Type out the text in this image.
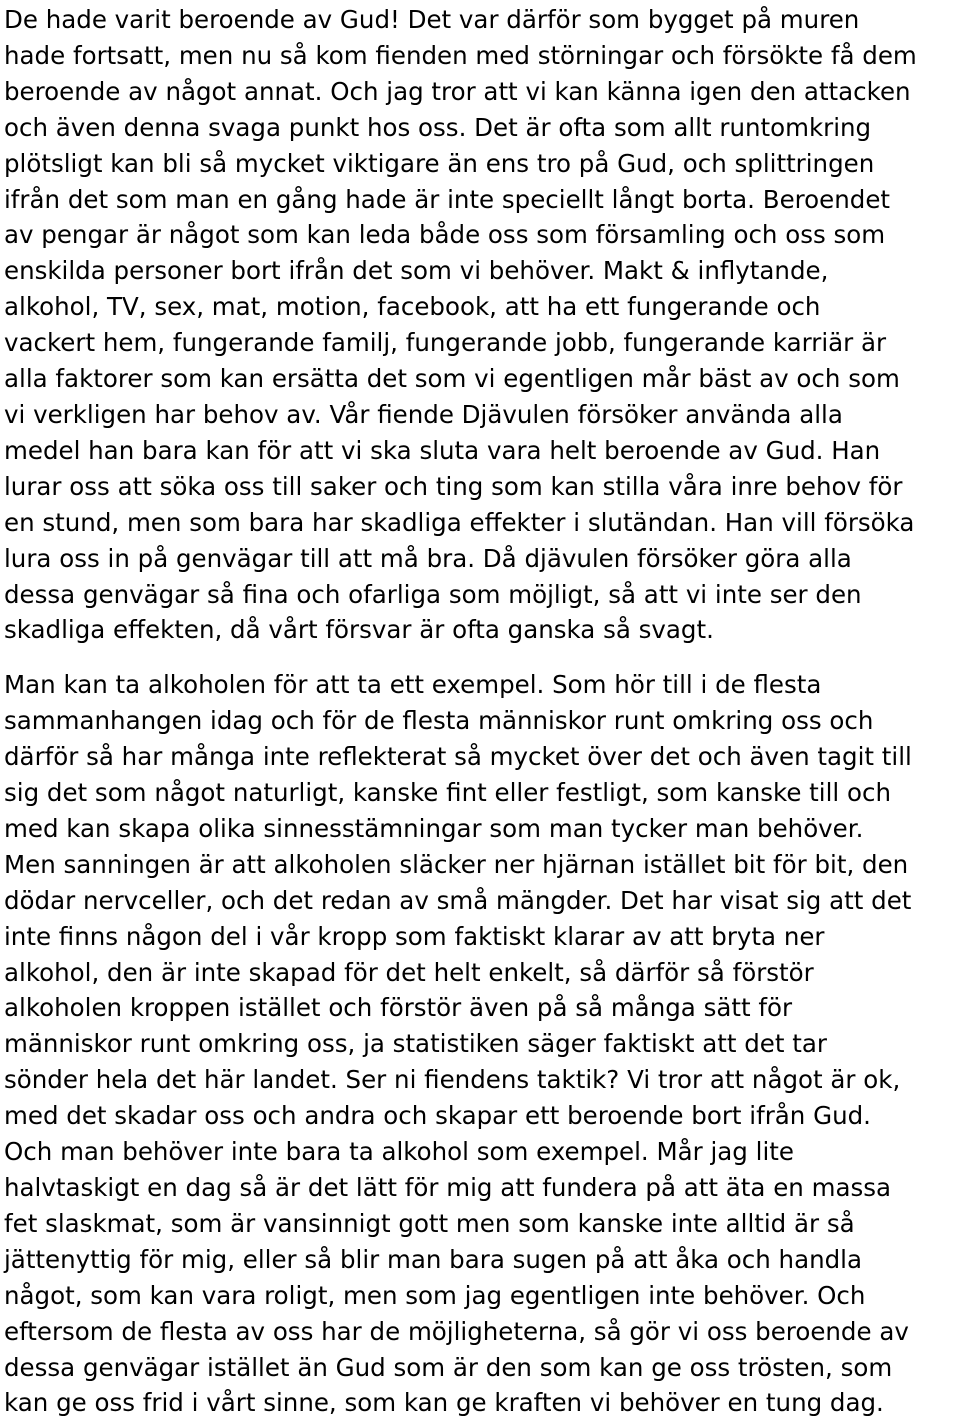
De hade varit beroende av Gud! Det var därför som bygget på muren
hade fortsatt, men nu så kom fienden med störningar och försökte få dem
beroende av något annat. Och jag tror att vi kan känna igen den attacken
och även denna svaga punkt hos oss. Det är ofta som allt runtomkring
plötsligt kan bli så mycket viktigare än ens tro på Gud, och splittringen
ifrån det som man en gång hade är inte speciellt långt borta. Beroendet
av pengar är något som kan leda både oss som församling och oss som
enskilda personer bort ifrån det som vi behöver. Makt & inflytande,
alkohol, TV, sex, mat, motion, facebook, att ha ett fungerande och
vackert hem, fungerande familj, fungerande jobb, fungerande karriär är
alla faktorer som kan ersätta det som vi egentligen mår bäst av och som
vi verkligen har behov av. Vår fiende Djävulen försöker använda alla
medel han bara kan för att vi ska sluta vara helt beroende av Gud. Han
lurar oss att söka oss till saker och ting som kan stilla våra inre behov för
en stund, men som bara har skadliga effekter i slutändan. Han vill försöka
lura oss in på genvägar till att må bra. Då djävulen försöker göra alla
dessa genvägar så fina och ofarliga som möjligt, så att vi inte ser den
skadliga effekten, då vårt försvar är ofta ganska så svagt.

Man kan ta alkoholen för att ta ett exempel. Som hör till i de flesta
sammanhangen idag och för de flesta människor runt omkring oss och
därför så har många inte reflekterat så mycket över det och även tagit till
sig det som något naturligt, kanske fint eller festligt, som kanske till och
med kan skapa olika sinnesstämningar som man tycker man behöver.
Men sanningen är att alkoholen släcker ner hjärnan istället bit för bit, den
dödar nervceller, och det redan av små mängder. Det har visat sig att det
inte finns någon del i vår kropp som faktiskt klarar av att bryta ner
alkohol, den är inte skapad för det helt enkelt, så därför så förstör
alkoholen kroppen istället och förstör även på så många sätt för
människor runt omkring oss, ja statistiken säger faktiskt att det tar
sönder hela det här landet. Ser ni fiendens taktik? Vi tror att något är ok,
med det skadar oss och andra och skapar ett beroende bort ifrån Gud.
Och man behöver inte bara ta alkohol som exempel. Mår jag lite
halvtaskigt en dag så är det lätt för mig att fundera på att äta en massa
fet slaskmat, som är vansinnigt gott men som kanske inte alltid är så
jättenyttig för mig, eller så blir man bara sugen på att åka och handla
något, som kan vara roligt, men som jag egentligen inte behöver. Och
eftersom de flesta av oss har de möjligheterna, så gör vi oss beroende av
dessa genvägar istället än Gud som är den som kan ge oss trösten, som
kan ge oss frid i vårt sinne, som kan ge kraften vi behöver en tung dag.
